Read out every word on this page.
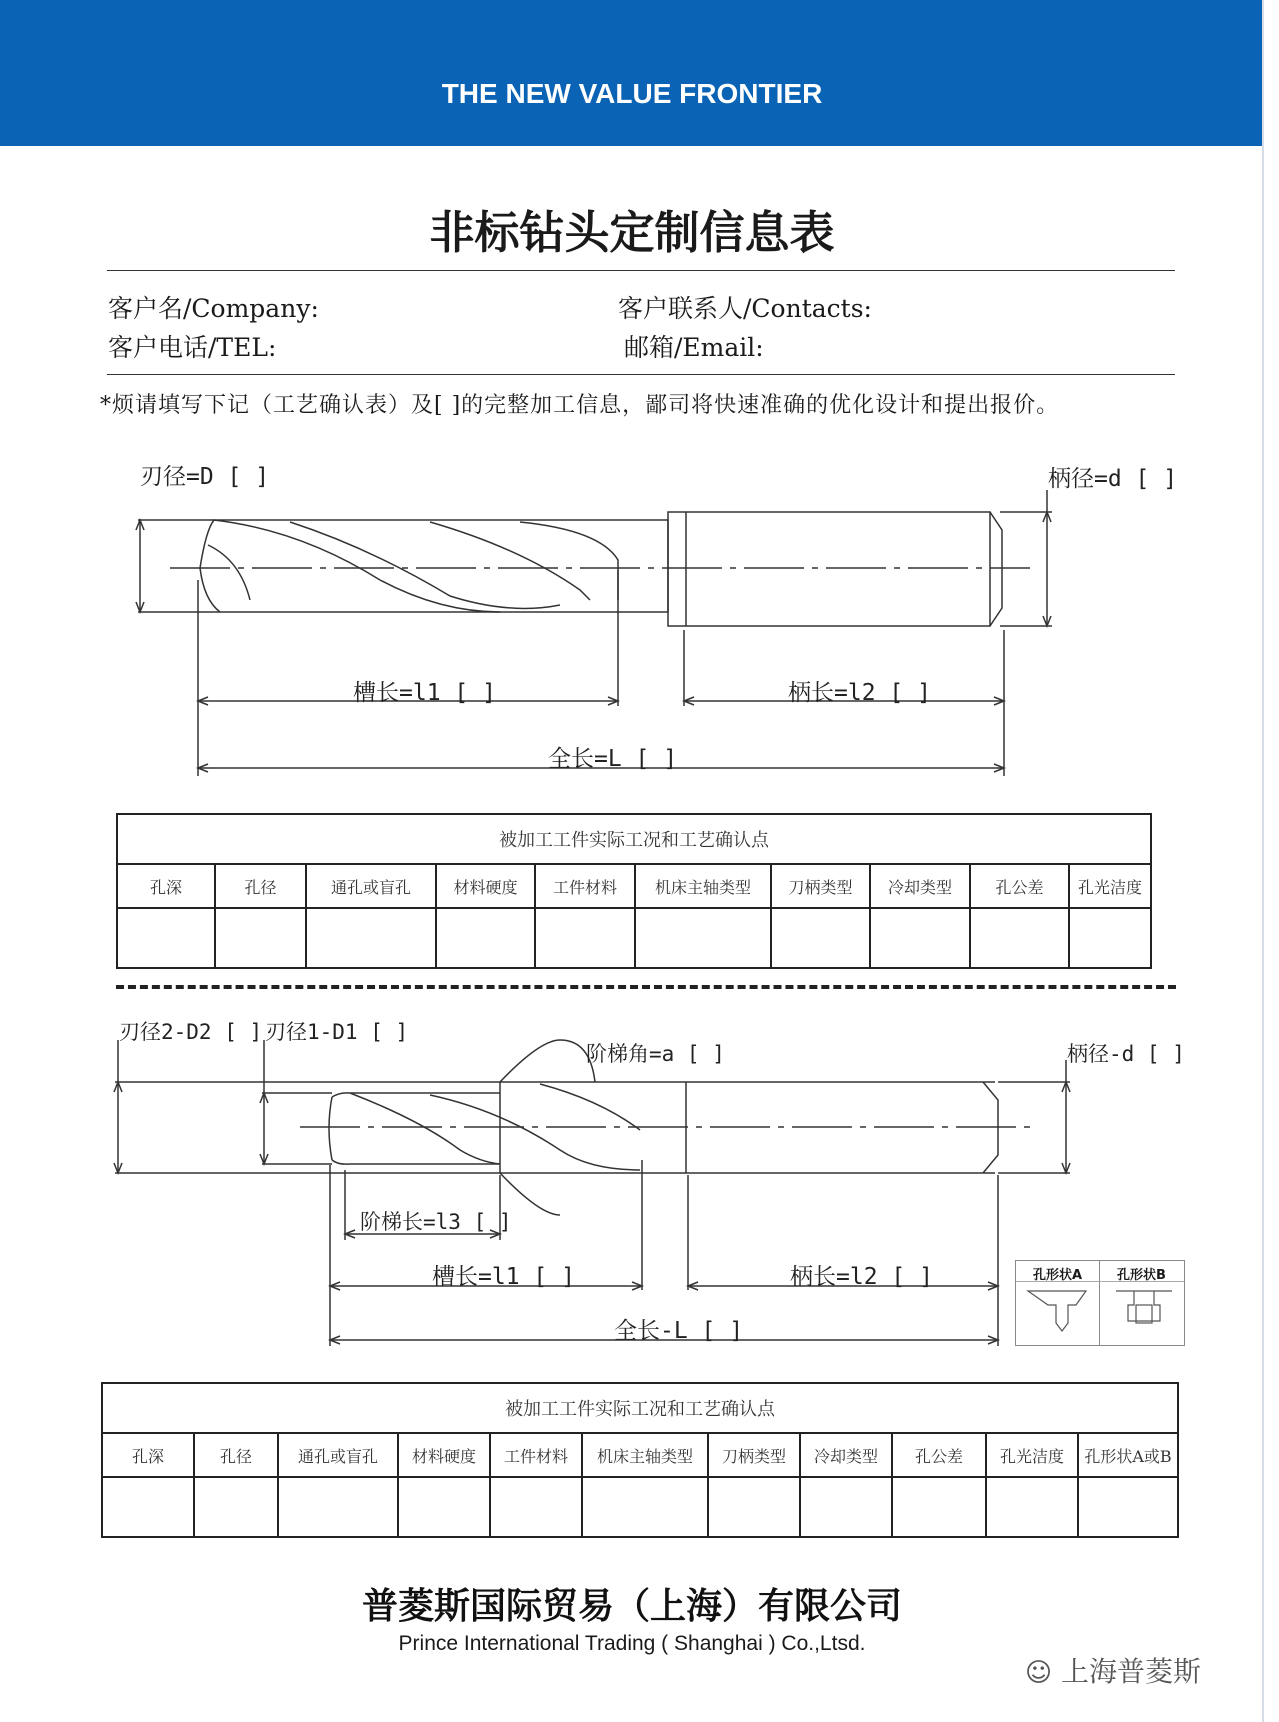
THE NEW VALUE FRONTIER
非标钻头定制信息表
客户名/Company:	客户联系人/Contacts:
客户电话/TEL:	邮箱/Email:
*烦请填写下记（工艺确认表）及[ ]的完整加工信息，鄙司将快速准确的优化设计和提出报价。
刃径=D [ ]	柄径=d [ ]
槽长=l1 [ ]	柄长=l2 [ ]
全长=L [ ]
被加工工件实际工况和工艺确认点									
孔深	孔径	通孔或盲孔	材料硬度	工件材料	机床主轴类型	刀柄类型	冷却类型	孔公差	孔光洁度

刃径2-D2 [ ] 刃径1-D1 [ ]
阶梯角=a [ ]	柄径-d [ ]
阶梯长=l3 [ ]
槽长=l1 [ ]	柄长=l2 [ ]
全长-L [ ]
孔形状A	孔形状B
被加工工件实际工况和工艺确认点										
孔深	孔径	通孔或盲孔	材料硬度	工件材料	机床主轴类型	刀柄类型	冷却类型	孔公差	孔光洁度	孔形状A或B

普菱斯国际贸易（上海）有限公司
Prince International Trading ( Shanghai ) Co.,Ltsd.
☺ 上海普菱斯
